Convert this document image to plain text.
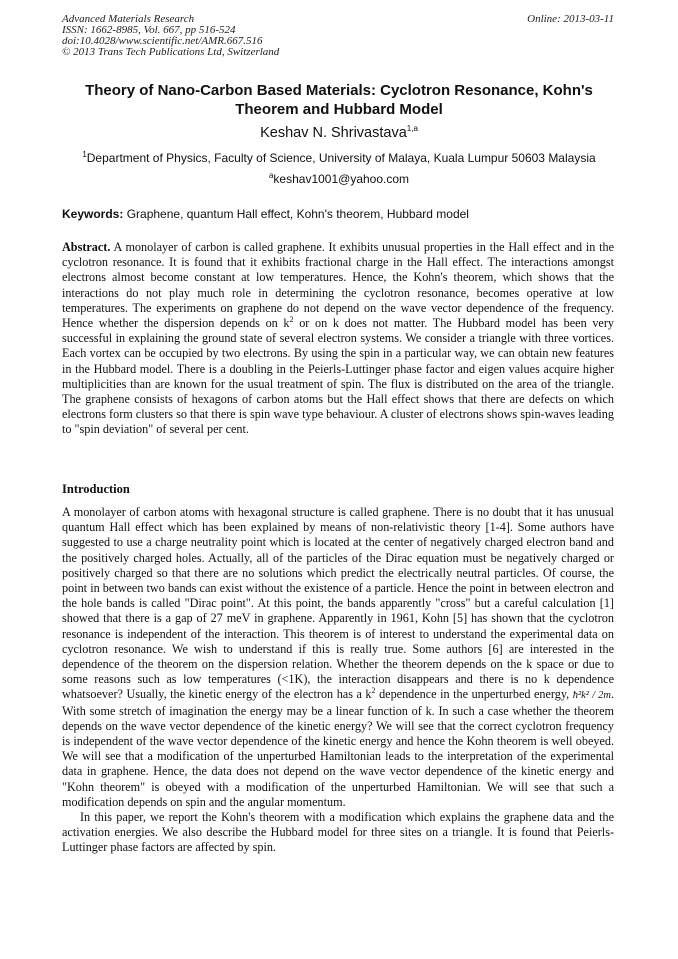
Advanced Materials Research
ISSN: 1662-8985, Vol. 667, pp 516-524
doi:10.4028/www.scientific.net/AMR.667.516
© 2013 Trans Tech Publications Ltd, Switzerland
Online: 2013-03-11
Theory of Nano-Carbon Based Materials: Cyclotron Resonance, Kohn's
Theorem and Hubbard Model
Keshav N. Shrivastava$^{1,a}$
$^1$Department of Physics, Faculty of Science, University of Malaya, Kuala Lumpur 50603 Malaysia
$^a$keshav1001@yahoo.com
Keywords: Graphene, quantum Hall effect, Kohn's theorem, Hubbard model

Abstract. A monolayer of carbon is called graphene. It exhibits unusual properties in the Hall effect and in the cyclotron resonance. It is found that it exhibits fractional charge in the Hall effect. The interactions amongst electrons almost become constant at low temperatures. Hence, the Kohn's theorem, which shows that the interactions do not play much role in determining the cyclotron resonance, becomes operative at low temperatures. The experiments on graphene do not depend on the wave vector dependence of the frequency. Hence whether the dispersion depends on $k^2$ or on k does not matter. The Hubbard model has been very successful in explaining the ground state of several electron systems. We consider a triangle with three vortices. Each vortex can be occupied by two electrons. By using the spin in a particular way, we can obtain new features in the Hubbard model. There is a doubling in the Peierls-Luttinger phase factor and eigen values acquire higher multiplicities than are known for the usual treatment of spin. The flux is distributed on the area of the triangle. The graphene consists of hexagons of carbon atoms but the Hall effect shows that there are defects on which electrons form clusters so that there is spin wave type behaviour. A cluster of electrons shows spin-waves leading to "spin deviation" of several per cent.

Introduction

A monolayer of carbon atoms with hexagonal structure is called graphene. There is no doubt that it has unusual quantum Hall effect which has been explained by means of non-relativistic theory [1-4]. Some authors have suggested to use a charge neutrality point which is located at the center of negatively charged electron band and the positively charged holes. Actually, all of the particles of the Dirac equation must be negatively charged or positively charged so that there are no solutions which predict the electrically neutral particles. Of course, the point in between two bands can exist without the existence of a particle. Hence the point in between electron and the hole bands is called "Dirac point". At this point, the bands apparently "cross" but a careful calculation [1] showed that there is a gap of 27 meV in graphene. Apparently in 1961, Kohn [5] has shown that the cyclotron resonance is independent of the interaction. This theorem is of interest to understand the experimental data on cyclotron resonance. We wish to understand if this is really true. Some authors [6] are interested in the dependence of the theorem on the dispersion relation. Whether the theorem depends on the k space or due to some reasons such as low temperatures (<1K), the interaction disappears and there is no k dependence whatsoever? Usually, the kinetic energy of the electron has a $k^2$ dependence in the unperturbed energy, ħ²k² / 2m. With some stretch of imagination the energy may be a linear function of k. In such a case whether the theorem depends on the wave vector dependence of the kinetic energy? We will see that the correct cyclotron frequency is independent of the wave vector dependence of the kinetic energy and hence the Kohn theorem is well obeyed. We will see that a modification of the unperturbed Hamiltonian leads to the interpretation of the experimental data in graphene. Hence, the data does not depend on the wave vector dependence of the kinetic energy and "Kohn theorem" is obeyed with a modification of the unperturbed Hamiltonian. We will see that such a modification depends on spin and the angular momentum.

In this paper, we report the Kohn's theorem with a modification which explains the graphene data and the activation energies. We also describe the Hubbard model for three sites on a triangle. It is found that Peierls-Luttinger phase factors are affected by spin.
